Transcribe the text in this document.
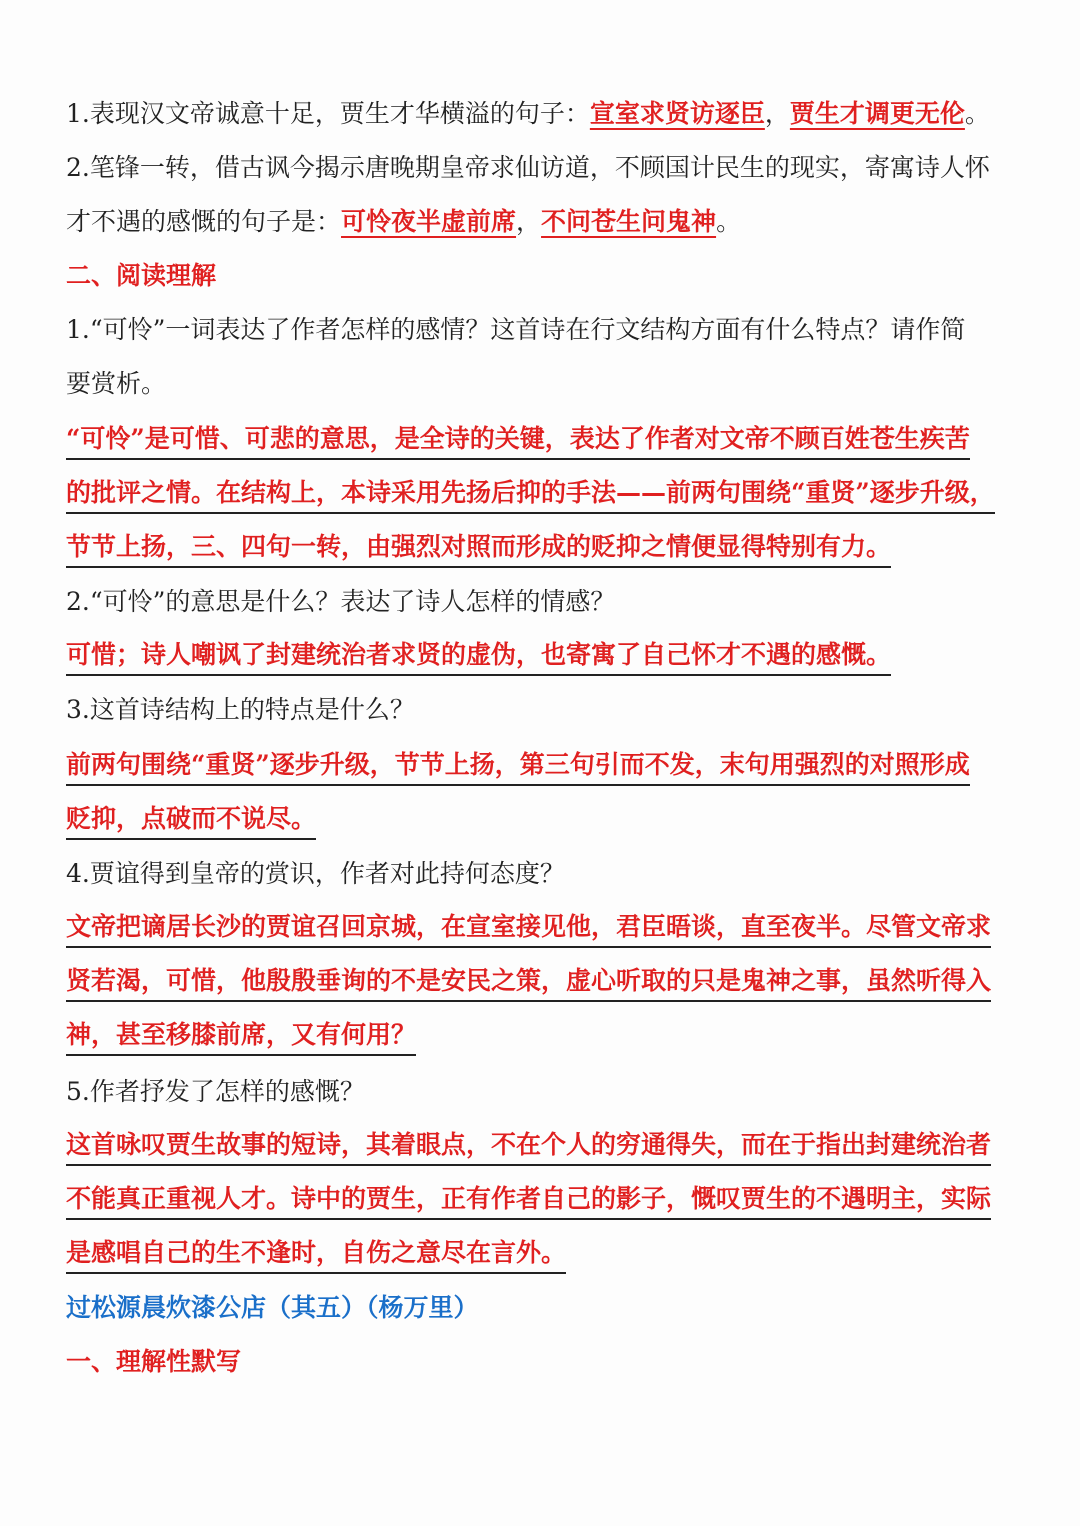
1.表现汉文帝诚意十足，贾生才华横溢的句子：宣室求贤访逐臣，贾生才调更无伦。
2.笔锋一转，借古讽今揭示唐晚期皇帝求仙访道，不顾国计民生的现实，寄寓诗人怀
才不遇的感慨的句子是：可怜夜半虚前席，不问苍生问鬼神。
二、阅读理解
1.“可怜”一词表达了作者怎样的感情？这首诗在行文结构方面有什么特点？请作简
要赏析。
“可怜”是可惜、可悲的意思，是全诗的关键，表达了作者对文帝不顾百姓苍生疾苦
的批评之情。在结构上，本诗采用先扬后抑的手法——前两句围绕“重贤”逐步升级，
节节上扬，三、四句一转，由强烈对照而形成的贬抑之情便显得特别有力。
2.“可怜”的意思是什么？表达了诗人怎样的情感？
可惜；诗人嘲讽了封建统治者求贤的虚伪，也寄寓了自己怀才不遇的感慨。
3.这首诗结构上的特点是什么？
前两句围绕“重贤”逐步升级，节节上扬，第三句引而不发，末句用强烈的对照形成
贬抑，点破而不说尽。
4.贾谊得到皇帝的赏识，作者对此持何态度？
文帝把谪居长沙的贾谊召回京城，在宣室接见他，君臣晤谈，直至夜半。尽管文帝求
贤若渴，可惜，他殷殷垂询的不是安民之策，虚心听取的只是鬼神之事，虽然听得入
神，甚至移膝前席，又有何用？
5.作者抒发了怎样的感慨？
这首咏叹贾生故事的短诗，其着眼点，不在个人的穷通得失，而在于指出封建统治者
不能真正重视人才。诗中的贾生，正有作者自己的影子，慨叹贾生的不遇明主，实际
是感唱自己的生不逢时，自伤之意尽在言外。
过松源晨炊漆公店（其五）（杨万里）
一、理解性默写
